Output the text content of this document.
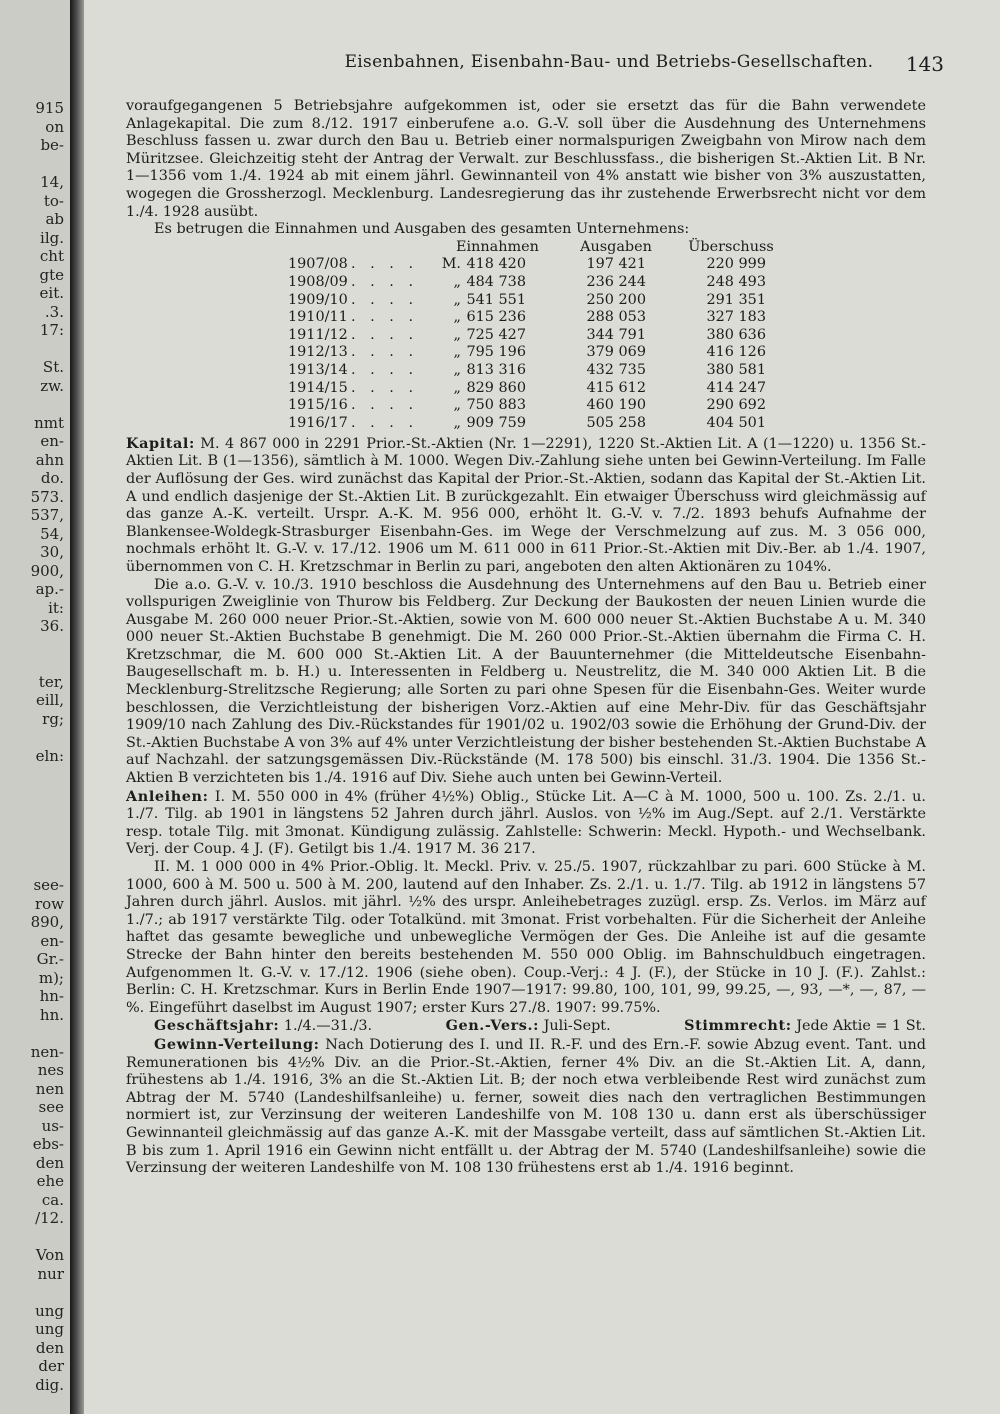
915
on
be-
14,
to-
ab
ilg.
cht
gte
eit.
.3.
17:
St.
zw.
nmt
en-
ahn
do.
573.
537,
54,
30,
900,
ap.-
it:
36.
ter,
eill,
rg;
eln:
see-
row
890,
en-
Gr.-
m);
hn-
hn.
nen-
nes
nen
see
us-
ebs-
den
ehe
ca.
/12.
Von
nur
ung
ung
den
der
dig.
Eisenbahnen, Eisenbahn-Bau- und Betriebs-Gesellschaften.	143

voraufgegangenen 5 Betriebsjahre aufgekommen ist, oder sie ersetzt das für die Bahn verwendete Anlagekapital. Die zum 8./12. 1917 einberufene a.o. G.-V. soll über die Ausdehnung des Unternehmens Beschluss fassen u. zwar durch den Bau u. Betrieb einer normalspurigen Zweigbahn von Mirow nach dem Müritzsee. Gleichzeitig steht der Antrag der Verwalt. zur Beschlussfass., die bisherigen St.-Aktien Lit. B Nr. 1—1356 vom 1./4. 1924 ab mit einem jährl. Gewinnanteil von 4% anstatt wie bisher von 3% auszustatten, wogegen die Grossherzogl. Mecklenburg. Landesregierung das ihr zustehende Erwerbsrecht nicht vor dem 1./4. 1928 ausübt.

Es betrugen die Einnahmen und Ausgaben des gesamten Unternehmens:

Einnahmen	Ausgaben	Überschuss
1907/08 . . . . M. 418 420	197 421	220 999
1908/09 . . . .	„ 484 738	236 244	248 493
1909/10 . . . .	„ 541 551	250 200	291 351
1910/11 . . . .	„ 615 236	288 053	327 183
1911/12 . . . .	„ 725 427	344 791	380 636
1912/13 . . . .	„ 795 196	379 069	416 126
1913/14 . . . .	„ 813 316	432 735	380 581
1914/15 . . . .	„ 829 860	415 612	414 247
1915/16 . . . .	„ 750 883	460 190	290 692
1916/17 . . . .	„ 909 759	505 258	404 501

Kapital: M. 4 867 000 in 2291 Prior.-St.-Aktien (Nr. 1—2291), 1220 St.-Aktien Lit. A (1—1220) u. 1356 St.-Aktien Lit. B (1—1356), sämtlich à M. 1000. Wegen Div.-Zahlung siehe unten bei Gewinn-Verteilung. Im Falle der Auflösung der Ges. wird zunächst das Kapital der Prior.-St.-Aktien, sodann das Kapital der St.-Aktien Lit. A und endlich dasjenige der St.-Aktien Lit. B zurückgezahlt. Ein etwaiger Überschuss wird gleichmässig auf das ganze A.-K. verteilt. Urspr. A.-K. M. 956 000, erhöht lt. G.-V. v. 7./2. 1893 behufs Aufnahme der Blankensee-Woldegk-Strasburger Eisenbahn-Ges. im Wege der Verschmelzung auf zus. M. 3 056 000, nochmals erhöht lt. G.-V. v. 17./12. 1906 um M. 611 000 in 611 Prior.-St.-Aktien mit Div.-Ber. ab 1./4. 1907, übernommen von C. H. Kretzschmar in Berlin zu pari, angeboten den alten Aktionären zu 104%.

Die a.o. G.-V. v. 10./3. 1910 beschloss die Ausdehnung des Unternehmens auf den Bau u. Betrieb einer vollspurigen Zweiglinie von Thurow bis Feldberg. Zur Deckung der Baukosten der neuen Linien wurde die Ausgabe M. 260 000 neuer Prior.-St.-Aktien, sowie von M. 600 000 neuer St.-Aktien Buchstabe A u. M. 340 000 neuer St.-Aktien Buchstabe B genehmigt. Die M. 260 000 Prior.-St.-Aktien übernahm die Firma C. H. Kretzschmar, die M. 600 000 St.-Aktien Lit. A der Bauunternehmer (die Mitteldeutsche Eisenbahn-Baugesellschaft m. b. H.) u. Interessenten in Feldberg u. Neustrelitz, die M. 340 000 Aktien Lit. B die Mecklenburg-Strelitzsche Regierung; alle Sorten zu pari ohne Spesen für die Eisenbahn-Ges. Weiter wurde beschlossen, die Verzichtleistung der bisherigen Vorz.-Aktien auf eine Mehr-Div. für das Geschäftsjahr 1909/10 nach Zahlung des Div.-Rückstandes für 1901/02 u. 1902/03 sowie die Erhöhung der Grund-Div. der St.-Aktien Buchstabe A von 3% auf 4% unter Verzichtleistung der bisher bestehenden St.-Aktien Buchstabe A auf Nachzahl. der satzungsgemässen Div.-Rückstände (M. 178 500) bis einschl. 31./3. 1904. Die 1356 St.-Aktien B verzichteten bis 1./4. 1916 auf Div. Siehe auch unten bei Gewinn-Verteil.

Anleihen: I. M. 550 000 in 4% (früher 4½%) Oblig., Stücke Lit. A—C à M. 1000, 500 u. 100. Zs. 2./1. u. 1./7. Tilg. ab 1901 in längstens 52 Jahren durch jährl. Auslos. von ½% im Aug./Sept. auf 2./1. Verstärkte resp. totale Tilg. mit 3monat. Kündigung zulässig. Zahlstelle: Schwerin: Meckl. Hypoth.- und Wechselbank. Verj. der Coup. 4 J. (F). Getilgt bis 1./4. 1917 M. 36 217.

II. M. 1 000 000 in 4% Prior.-Oblig. lt. Meckl. Priv. v. 25./5. 1907, rückzahlbar zu pari. 600 Stücke à M. 1000, 600 à M. 500 u. 500 à M. 200, lautend auf den Inhaber. Zs. 2./1. u. 1./7. Tilg. ab 1912 in längstens 57 Jahren durch jährl. Auslos. mit jährl. ½% des urspr. Anleihebetrages zuzügl. ersp. Zs. Verlos. im März auf 1./7.; ab 1917 verstärkte Tilg. oder Totalkünd. mit 3monat. Frist vorbehalten. Für die Sicherheit der Anleihe haftet das gesamte bewegliche und unbewegliche Vermögen der Ges. Die Anleihe ist auf die gesamte Strecke der Bahn hinter den bereits bestehenden M. 550 000 Oblig. im Bahnschuldbuch eingetragen. Aufgenommen lt. G.-V. v. 17./12. 1906 (siehe oben). Coup.-Verj.: 4 J. (F.), der Stücke in 10 J. (F.). Zahlst.: Berlin: C. H. Kretzschmar. Kurs in Berlin Ende 1907—1917: 99.80, 100, 101, 99, 99.25, —, 93, —*, —, 87, —%. Eingeführt daselbst im August 1907; erster Kurs 27./8. 1907: 99.75%.

Geschäftsjahr: 1./4.—31./3.	Gen.-Vers.: Juli-Sept.	Stimmrecht: Jede Aktie = 1 St.

Gewinn-Verteilung: Nach Dotierung des I. und II. R.-F. und des Ern.-F. sowie Abzug event. Tant. und Remunerationen bis 4½% Div. an die Prior.-St.-Aktien, ferner 4% Div. an die St.-Aktien Lit. A, dann, frühestens ab 1./4. 1916, 3% an die St.-Aktien Lit. B; der noch etwa verbleibende Rest wird zunächst zum Abtrag der M. 5740 (Landeshilfsanleihe) u. ferner, soweit dies nach den vertraglichen Bestimmungen normiert ist, zur Verzinsung der weiteren Landeshilfe von M. 108 130 u. dann erst als überschüssiger Gewinnanteil gleichmässig auf das ganze A.-K. mit der Massgabe verteilt, dass auf sämtlichen St.-Aktien Lit. B bis zum 1. April 1916 ein Gewinn nicht entfällt u. der Abtrag der M. 5740 (Landeshilfsanleihe) sowie die Verzinsung der weiteren Landeshilfe von M. 108 130 frühestens erst ab 1./4. 1916 beginnt.
